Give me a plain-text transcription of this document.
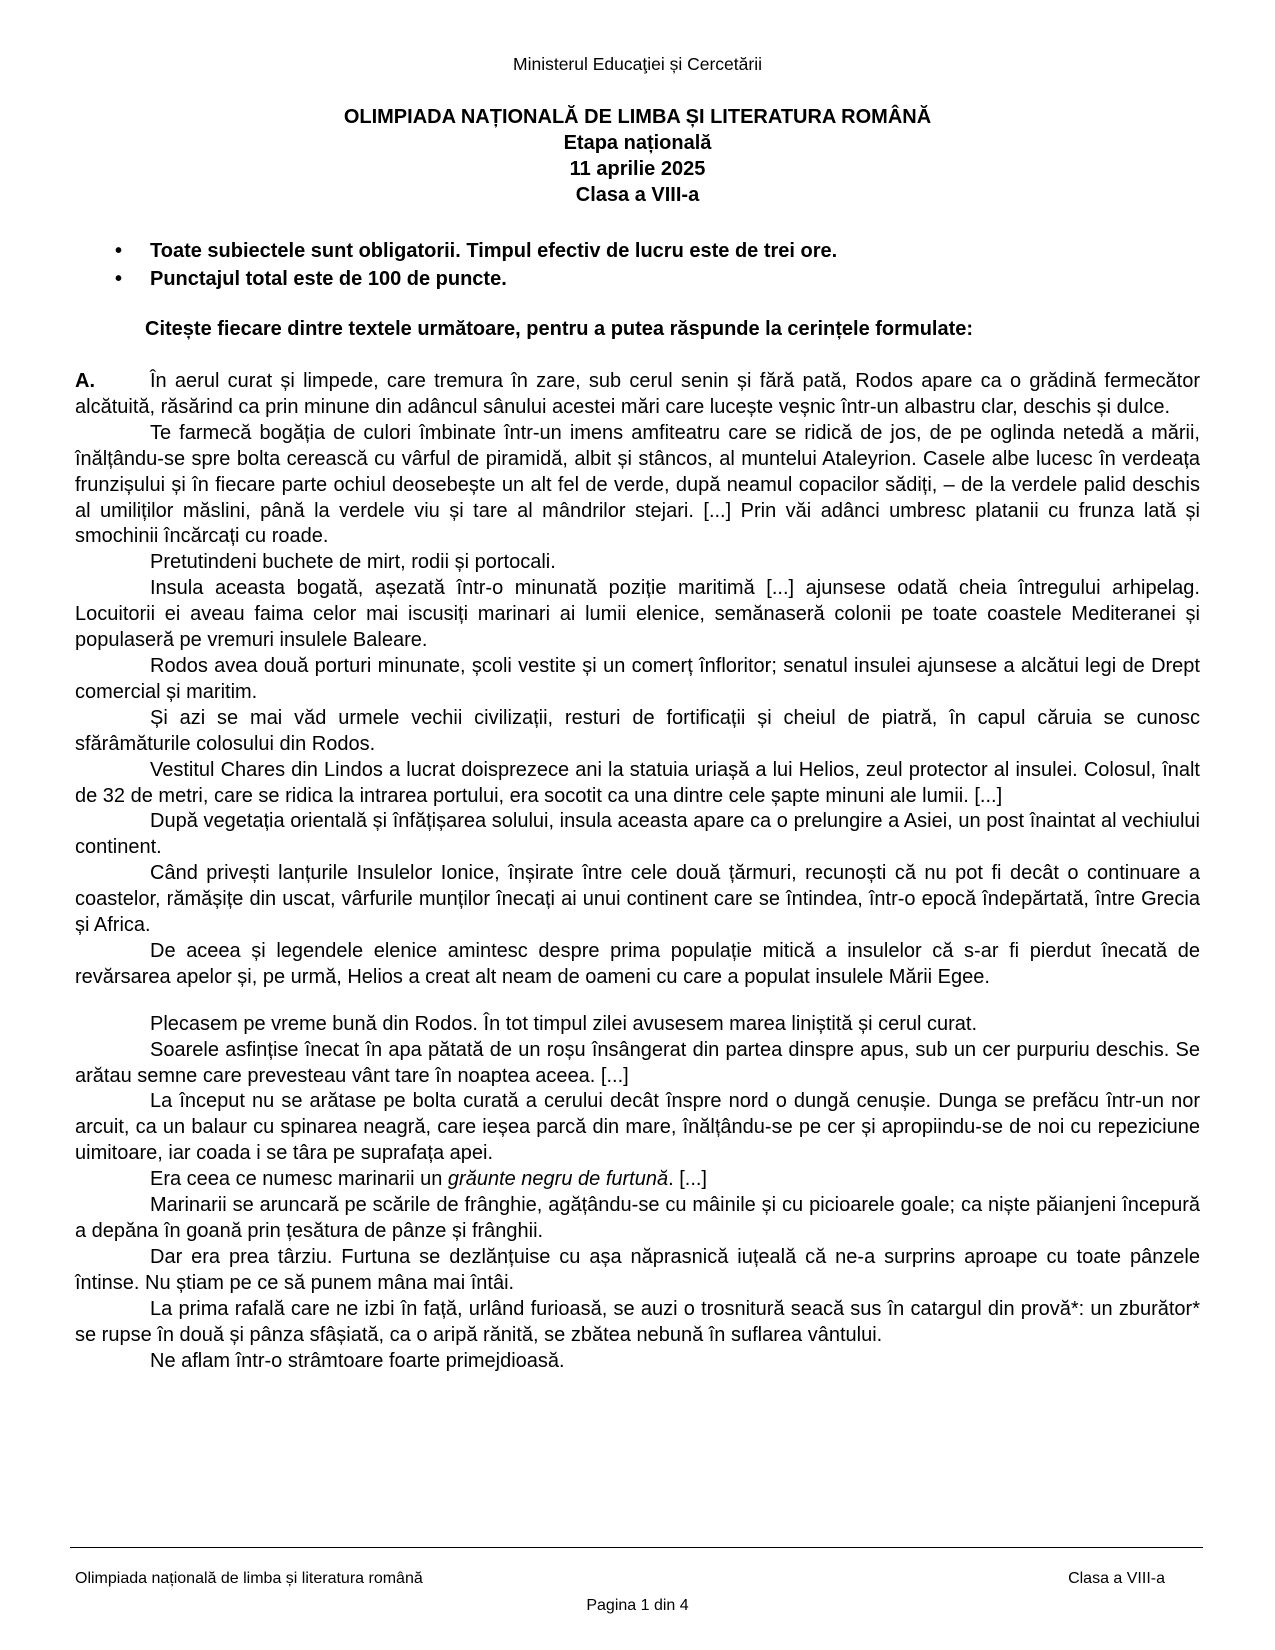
Ministerul Educaţiei și Cercetării
OLIMPIADA NAȚIONALĂ DE LIMBA ȘI LITERATURA ROMÂNĂ
Etapa națională
11 aprilie 2025
Clasa a VIII-a
• Toate subiectele sunt obligatorii. Timpul efectiv de lucru este de trei ore.
• Punctajul total este de 100 de puncte.
Citește fiecare dintre textele următoare, pentru a putea răspunde la cerințele formulate:

A.	În aerul curat și limpede, care tremura în zare, sub cerul senin și fără pată, Rodos apare ca o grădină fermecător alcătuită, răsărind ca prin minune din adâncul sânului acestei mări care lucește veșnic într-un albastru clar, deschis și dulce.

Te farmecă bogăția de culori îmbinate într-un imens amfiteatru care se ridică de jos, de pe oglinda netedă a mării, înălțându-se spre bolta cerească cu vârful de piramidă, albit și stâncos, al muntelui Ataleyrion. Casele albe lucesc în verdeața frunzișului și în fiecare parte ochiul deosebește un alt fel de verde, după neamul copacilor sădiți, – de la verdele palid deschis al umiliților măslini, până la verdele viu și tare al mândrilor stejari. [...] Prin văi adânci umbresc platanii cu frunza lată și smochinii încărcați cu roade.

Pretutindeni buchete de mirt, rodii și portocali.

Insula aceasta bogată, așezată într-o minunată poziție maritimă [...] ajunsese odată cheia întregului arhipelag. Locuitorii ei aveau faima celor mai iscusiți marinari ai lumii elenice, semănaseră colonii pe toate coastele Mediteranei și populaseră pe vremuri insulele Baleare.

Rodos avea două porturi minunate, școli vestite și un comerț înfloritor; senatul insulei ajunsese a alcătui legi de Drept comercial și maritim.

Și azi se mai văd urmele vechii civilizații, resturi de fortificații și cheiul de piatră, în capul căruia se cunosc sfărâmăturile colosului din Rodos.

Vestitul Chares din Lindos a lucrat doisprezece ani la statuia uriașă a lui Helios, zeul protector al insulei. Colosul, înalt de 32 de metri, care se ridica la intrarea portului, era socotit ca una dintre cele șapte minuni ale lumii. [...]

După vegetația orientală și înfățișarea solului, insula aceasta apare ca o prelungire a Asiei, un post înaintat al vechiului continent.

Când privești lanțurile Insulelor Ionice, înșirate între cele două țărmuri, recunoști că nu pot fi decât o continuare a coastelor, rămășițe din uscat, vârfurile munților înecați ai unui continent care se întindea, într-o epocă îndepărtată, între Grecia și Africa.

De aceea și legendele elenice amintesc despre prima populație mitică a insulelor că s-ar fi pierdut înecată de revărsarea apelor și, pe urmă, Helios a creat alt neam de oameni cu care a populat insulele Mării Egee.

Plecasem pe vreme bună din Rodos. În tot timpul zilei avusesem marea liniștită și cerul curat.

Soarele asfințise înecat în apa pătată de un roșu însângerat din partea dinspre apus, sub un cer purpuriu deschis. Se arătau semne care prevesteau vânt tare în noaptea aceea. [...]

La început nu se arătase pe bolta curată a cerului decât înspre nord o dungă cenușie. Dunga se prefăcu într-un nor arcuit, ca un balaur cu spinarea neagră, care ieșea parcă din mare, înălțându-se pe cer și apropiindu-se de noi cu repeziciune uimitoare, iar coada i se târa pe suprafața apei.

Era ceea ce numesc marinarii un grăunte negru de furtună. [...]

Marinarii se aruncară pe scările de frânghie, agățându-se cu mâinile și cu picioarele goale; ca niște păianjeni începură a depăna în goană prin țesătura de pânze și frânghii.

Dar era prea târziu. Furtuna se dezlănțuise cu așa năprasnică iuțeală că ne-a surprins aproape cu toate pânzele întinse. Nu știam pe ce să punem mâna mai întâi.

La prima rafală care ne izbi în față, urlând furioasă, se auzi o trosnitură seacă sus în catargul din provă*: un zburător* se rupse în două și pânza sfâșiată, ca o aripă rănită, se zbătea nebună în suflarea vântului.

Ne aflam într-o strâmtoare foarte primejdioasă.

Olimpiada națională de limba și literatura română	Clasa a VIII-a
Pagina 1 din 4
